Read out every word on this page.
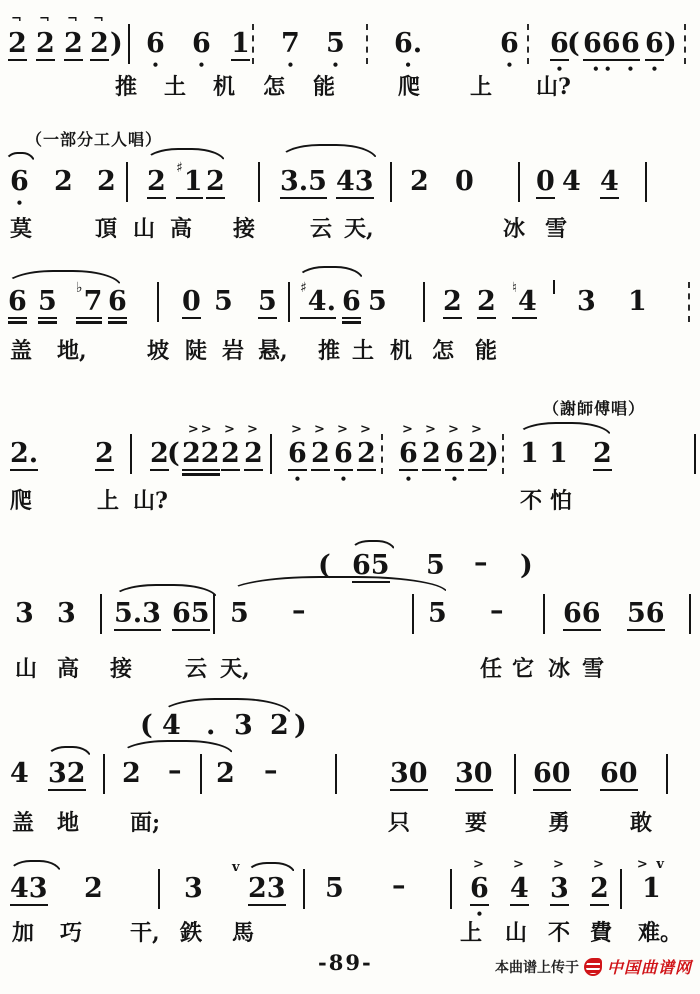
-89-	本曲谱上传于 中国曲谱网
（一部分工人唱）
（謝師傅唱）
¬
2
¬
2
¬
2
¬
2 ) 6
•
6
•
1 7
•
5
•
6.
•
6
•
6
•
( 66
• •
6
•
6
•
)
6
•
2 2 2 ♯ 1 2 3.5 43 2 0 0 4 4
6 5 ♭ 7 6 0 5 5 ♯ 4. 6 5 2 2 ♮ 4 3 1
2. 2 2
(
>>
22
>
2
>
2
>
6
•
>
2
>
6
•
>
2
>
6
•
>
2
>
6
•
>
2 ) 1 1 2
( 65 5 – )
3 3 5.3 65 5 –	5 – 66 56
( 4 . 3 2 )
4 32 2 – 2 –	30 30 60 60
43 2	3
v
23 5 –
>
6
•
>
4
>
3
>
2
> v
1
推 土 机 怎 能	爬 上 山?
莫	頂 山 高 接 云 天,	冰 雪
盖 地,	坡 陡 岩 悬, 推 土 机 怎 能
爬	上 山?	不 怕
山 高 接 云 天,	任 它 冰 雪
盖 地 面;	只 要	勇	敢
加 巧 干, 鉄 馬	上 山 不 費 难。
